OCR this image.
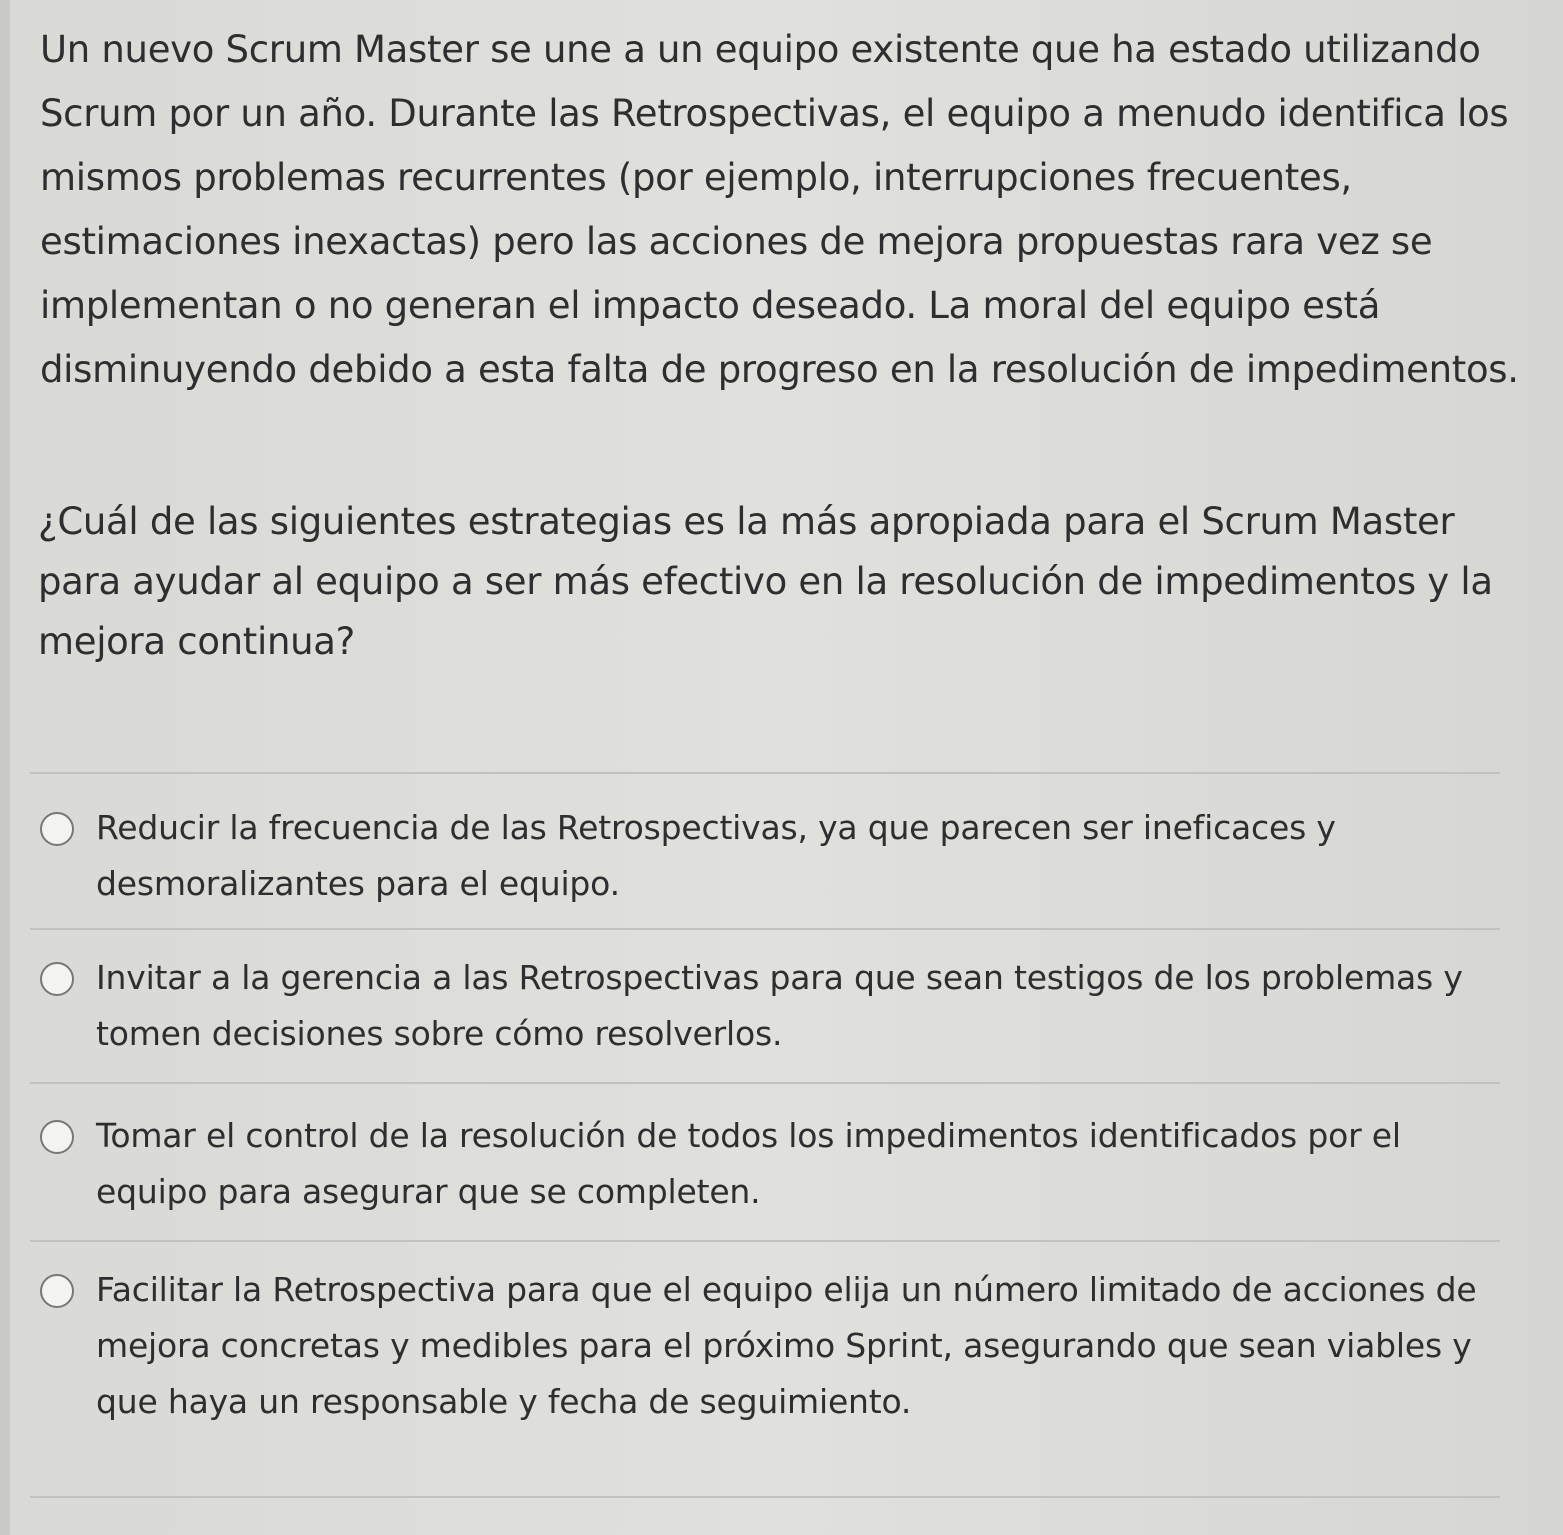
Un nuevo Scrum Master se une a un equipo existente que ha estado utilizando Scrum por un año. Durante las Retrospectivas, el equipo a menudo identifica los mismos problemas recurrentes (por ejemplo, interrupciones frecuentes, estimaciones inexactas) pero las acciones de mejora propuestas rara vez se implementan o no generan el impacto deseado. La moral del equipo está disminuyendo debido a esta falta de progreso en la resolución de impedimentos.
¿Cuál de las siguientes estrategias es la más apropiada para el Scrum Master para ayudar al equipo a ser más efectivo en la resolución de impedimentos y la mejora continua?
Reducir la frecuencia de las Retrospectivas, ya que parecen ser ineficaces y desmoralizantes para el equipo.
Invitar a la gerencia a las Retrospectivas para que sean testigos de los problemas y tomen decisiones sobre cómo resolverlos.
Tomar el control de la resolución de todos los impedimentos identificados por el equipo para asegurar que se completen.
Facilitar la Retrospectiva para que el equipo elija un número limitado de acciones de mejora concretas y medibles para el próximo Sprint, asegurando que sean viables y que haya un responsable y fecha de seguimiento.
